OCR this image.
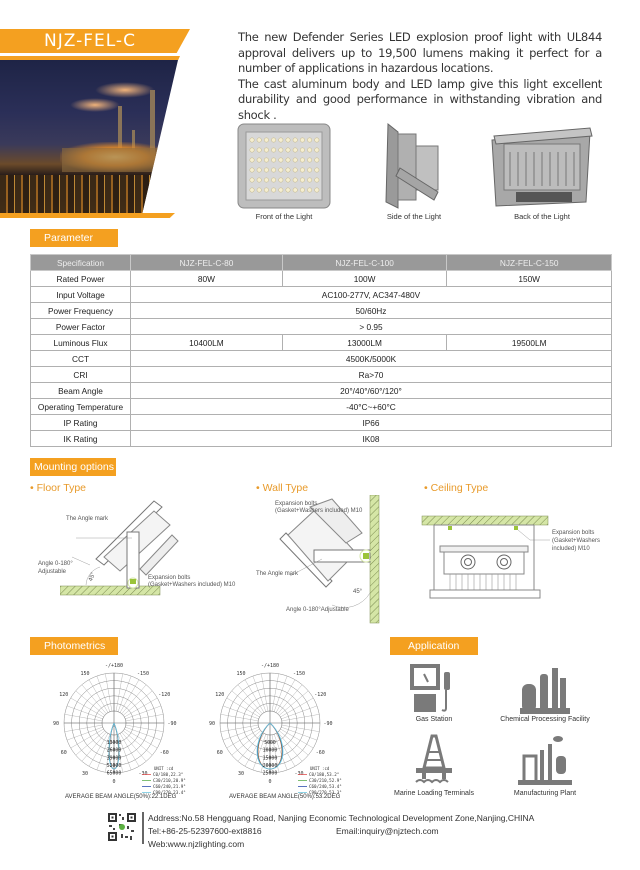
NJZ-FEL-C	The new Defender Series LED explosion proof light with UL844 approval delivers up to 19,500 lumens making it perfect for a number of applications in hazardous locations.

The cast aluminum body and LED lamp give this light excellent durability and good performance in withstanding vibration and shock .

Front of the Light	Side of the Light	Back of the Light
Parameter
Specification	NJZ-FEL-C-80	NJZ-FEL-C-100	NJZ-FEL-C-150
Rated Power	80W	100W	150W
Input Voltage	AC100-277V, AC347-480V		
Power Frequency	50/60Hz		
Power Factor	> 0.95		
Luminous Flux	10400LM	13000LM	19500LM
CCT	4500K/5000K		
CRI	Ra>70		
Beam Angle	20°/40°/60°/120°		
Operating Temperature	-40°C~+60°C		
IP Rating	IP66		
IK Rating	IK08		
Mounting options
• Floor Type	• Wall Type	• Ceiling Type
The Angle mark
Angle 0-180°
Adjustable	45°	Expansion bolts
(Gasket+Washers included) M10
Expansion bolts
(Gasket+Washers included) M10
The Angle mark
45°
Angle 0-180°Adjustable
Expansion bolts
(Gasket+Washers
included) M10
Photometrics
-/+180
-150
150
-120
120
-90
90
-60
60
-30
30
0
13000
26000
39000
52000
65000
UNIT :cd
C0/180,22.3°
C30/210,20.9°
C60/240,21.9°
C90/270,23.4°
-/+180
-150
150
-120
120
-90
90
-60
60
-30
30
0
5000
10000
15000
20000
25000
UNIT :cd
C0/180,53.2°
C30/210,52.9°
C60/240,53.4°
C90/270,53.3°
AVERAGE BEAM ANGLE(50%):22.1DEG	AVERAGE BEAM ANGLE(50%):53.2DEG
Application
Gas Station	Chemical Processing Facility
Marine Loading Terminals	Manufacturing Plant
Address:No.58 Hengguang Road, Nanjing Economic Technological Development Zone,Nanjing,CHINA
Tel:+86-25-52397600-ext8816	Email:inquiry@njztech.com
Web:www.njzlighting.com
